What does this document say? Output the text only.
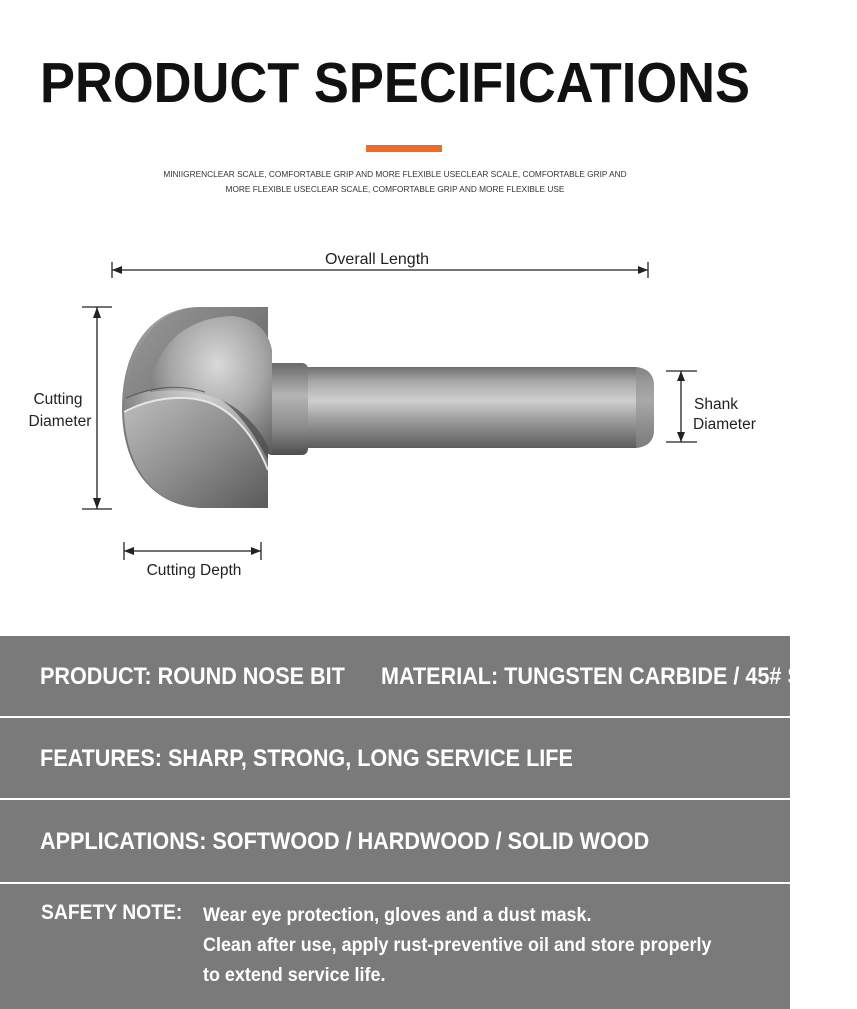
PRODUCT SPECIFICATIONS
MINIIGRENCLEAR SCALE, COMFORTABLE GRIP AND MORE FLEXIBLE USECLEAR SCALE, COMFORTABLE GRIP AND MORE FLEXIBLE USECLEAR SCALE, COMFORTABLE GRIP AND MORE FLEXIBLE USE
Overall Length
Cutting
Diameter
Shank
Diameter
Cutting Depth
PRODUCT: ROUND NOSE BIT MATERIAL: TUNGSTEN CARBIDE / 45# STEEL
FEATURES: SHARP, STRONG, LONG SERVICE LIFE
APPLICATIONS: SOFTWOOD / HARDWOOD / SOLID WOOD
SAFETY NOTE: Wear eye protection, gloves and a dust mask.
Clean after use, apply rust-preventive oil and store properly
to extend service life.
